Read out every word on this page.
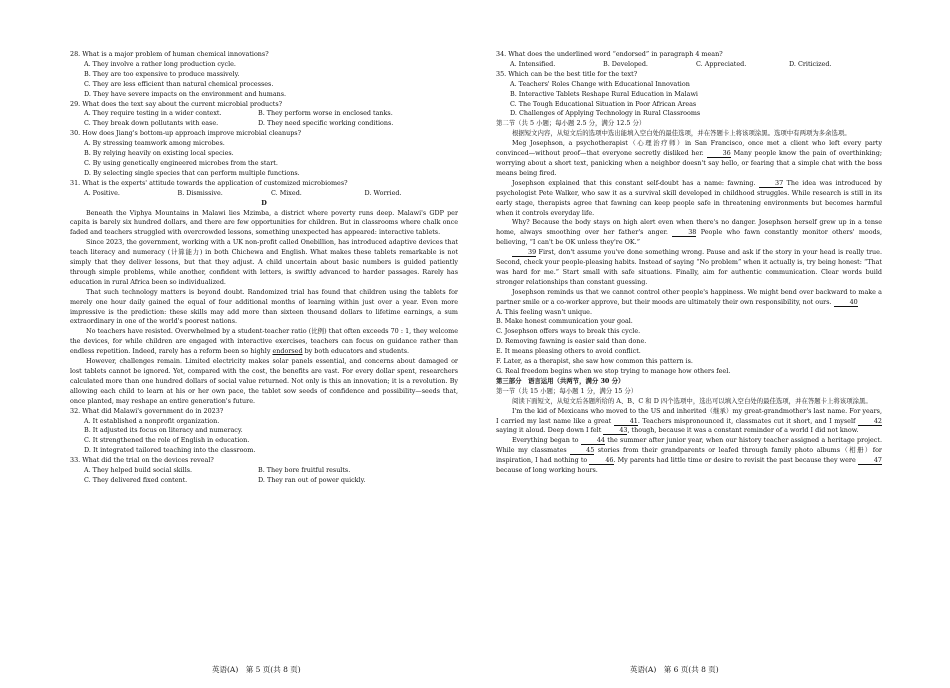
28. What is a major problem of human chemical innovations?
A. They involve a rather long production cycle.
B. They are too expensive to produce massively.
C. They are less efficient than natural chemical processes.
D. They have severe impacts on the environment and humans.
29. What does the text say about the current microbial products?
A. They require testing in a wider context.	B. They perform worse in enclosed tanks.
C. They break down pollutants with ease.	D. They need specific working conditions.
30. How does Jiang's bottom-up approach improve microbial cleanups?
A. By stressing teamwork among microbes.
B. By relying heavily on existing local species.
C. By using genetically engineered microbes from the start.
D. By selecting single species that can perform multiple functions.
31. What is the experts' attitude towards the application of customized microbiomes?
A. Positive.	B. Dismissive.	C. Mixed.	D. Worried.
D
Beneath the Viphya Mountains in Malawi lies Mzimba, a district where poverty runs deep. Malawi's GDP per capita is barely six hundred dollars, and there are few opportunities for children. But in classrooms where chalk once faded and teachers struggled with overcrowded lessons, something unexpected has appeared: interactive tablets.
Since 2023, the government, working with a UK non-profit called Onebillion, has introduced adaptive devices that teach literacy and numeracy (计算能力) in both Chichewa and English. What makes these tablets remarkable is not simply that they deliver lessons, but that they adjust. A child uncertain about basic numbers is guided patiently through simple problems, while another, confident with letters, is swiftly advanced to harder passages. Rarely has education in rural Africa been so individualized.
That such technology matters is beyond doubt. Randomized trial has found that children using the tablets for merely one hour daily gained the equal of four additional months of learning within just over a year. Even more impressive is the prediction: these skills may add more than sixteen thousand dollars to lifetime earnings, a sum extraordinary in one of the world's poorest nations.
No teachers have resisted. Overwhelmed by a student-teacher ratio (比例) that often exceeds 70 : 1, they welcome the devices, for while children are engaged with interactive exercises, teachers can focus on guidance rather than endless repetition. Indeed, rarely has a reform been so highly endorsed by both educators and students.
However, challenges remain. Limited electricity makes solar panels essential, and concerns about damaged or lost tablets cannot be ignored. Yet, compared with the cost, the benefits are vast. For every dollar spent, researchers calculated more than one hundred dollars of social value returned. Not only is this an innovation; it is a revolution. By allowing each child to learn at his or her own pace, the tablet sow seeds of confidence and possibility—seeds that, once planted, may reshape an entire generation's future.
32. What did Malawi's government do in 2023?
A. It established a nonprofit organization.
B. It adjusted its focus on literacy and numeracy.
C. It strengthened the role of English in education.
D. It integrated tailored teaching into the classroom.
33. What did the trial on the devices reveal?
A. They helped build social skills.	B. They bore fruitful results.
C. They delivered fixed content.	D. They ran out of power quickly.
34. What does the underlined word “endorsed” in paragraph 4 mean?
A. Intensified.	B. Developed.	C. Appreciated.	D. Criticized.
35. Which can be the best title for the text?
A. Teachers' Roles Change with Educational Innovation
B. Interactive Tablets Reshape Rural Education in Malawi
C. The Tough Educational Situation in Poor African Areas
D. Challenges of Applying Technology in Rural Classrooms
第二节（共 5 小题；每小题 2.5 分，满分 12.5 分）
根据短文内容，从短文后的选项中选出能填入空白处的最佳选项，并在答题卡上将该项涂黑。选项中有两项为多余选项。
Meg Josephson, a psychotherapist（心理治疗师）in San Francisco, once met a client who left every party convinced—without proof—that everyone secretly disliked her.	36 Many people know the pain of overthinking; worrying about a short text, panicking when a neighbor doesn't say hello, or fearing that a simple chat with the boss means being fired.
Josephson explained that this constant self-doubt has a name: fawning.	37 The idea was introduced by psychologist Pete Walker, who saw it as a survival skill developed in childhood struggles. While research is still in its early stage, therapists agree that fawning can keep people safe in threatening environments but becomes harmful when it controls everyday life.
Why? Because the body stays on high alert even when there's no danger. Josephson herself grew up in a tense home, always smoothing over her father's anger.	38 People who fawn constantly monitor others' moods, believing, “I can't be OK unless they're OK.”
39 First, don't assume you've done something wrong. Pause and ask if the story in your head is really true. Second, check your people-pleasing habits. Instead of saying “No problem” when it actually is, try being honest: “That was hard for me.” Start small with safe situations. Finally, aim for authentic communication. Clear words build stronger relationships than constant guessing.
Josephson reminds us that we cannot control other people's happiness. We might bend over backward to make a partner smile or a co-worker approve, but their moods are ultimately their own responsibility, not ours.	40
A. This feeling wasn't unique.
B. Make honest communication your goal.
C. Josephson offers ways to break this cycle.
D. Removing fawning is easier said than done.
E. It means pleasing others to avoid conflict.
F. Later, as a therapist, she saw how common this pattern is.
G. Real freedom begins when we stop trying to manage how others feel.
第三部分　语言运用（共两节，满分 30 分）
第一节（共 15 小题；每小题 1 分，满分 15 分）
阅读下面短文，从短文后各题所给的 A、B、C 和 D 四个选项中，选出可以填入空白处的最佳选项，并在答题卡上将该项涂黑。
I'm the kid of Mexicans who moved to the US and inherited（继承）my great-grandmother's last name. For years, I carried my last name like a great	41. Teachers mispronounced it, classmates cut it short, and I myself	42 saying it aloud. Deep down I felt	43, though, because it was a constant reminder of a world I did not know.
Everything began to	44 the summer after junior year, when our history teacher assigned a heritage project. While my classmates	45 stories from their grandparents or leafed through family photo albums（相册）for inspiration, I had nothing to	46. My parents had little time or desire to revisit the past because they were	47 because of long working hours.
英语(A)　第 5 页(共 8 页)	英语(A)　第 6 页(共 8 页)
